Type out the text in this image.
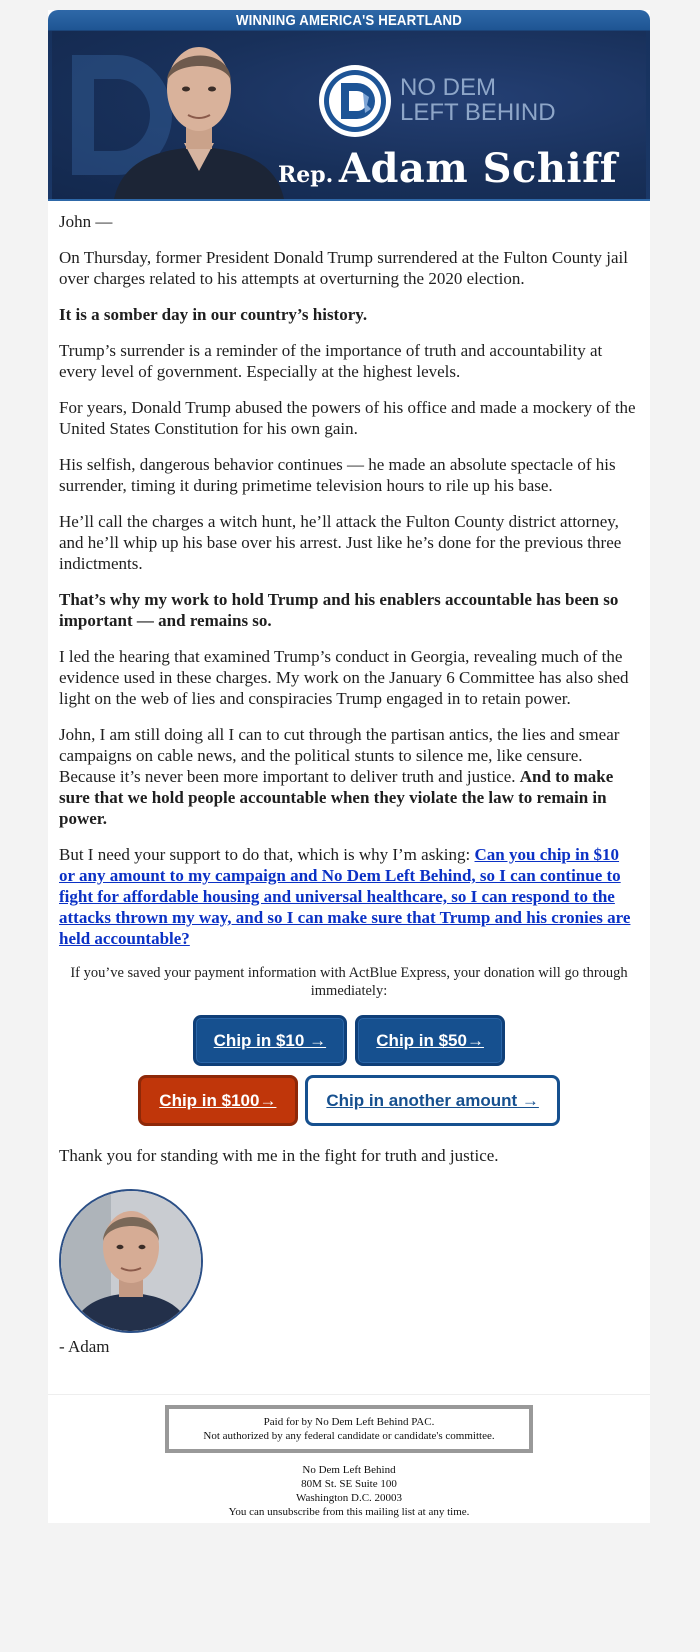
WINNING AMERICA'S HEARTLAND
NO DEM
LEFT BEHIND
Rep. Adam Schiff

John —

On Thursday, former President Donald Trump surrendered at the Fulton County jail over charges related to his attempts at overturning the 2020 election.

It is a somber day in our country’s history.

Trump’s surrender is a reminder of the importance of truth and accountability at every level of government. Especially at the highest levels.

For years, Donald Trump abused the powers of his office and made a mockery of the United States Constitution for his own gain.

His selfish, dangerous behavior continues — he made an absolute spectacle of his surrender, timing it during primetime television hours to rile up his base.

He’ll call the charges a witch hunt, he’ll attack the Fulton County district attorney, and he’ll whip up his base over his arrest. Just like he’s done for the previous three indictments.

That’s why my work to hold Trump and his enablers accountable has been so important — and remains so.

I led the hearing that examined Trump’s conduct in Georgia, revealing much of the evidence used in these charges. My work on the January 6 Committee has also shed light on the web of lies and conspiracies Trump engaged in to retain power.

John, I am still doing all I can to cut through the partisan antics, the lies and smear campaigns on cable news, and the political stunts to silence me, like censure. Because it’s never been more important to deliver truth and justice. And to make sure that we hold people accountable when they violate the law to remain in power.

But I need your support to do that, which is why I’m asking: Can you chip in $10 or any amount to my campaign and No Dem Left Behind, so I can continue to fight for affordable housing and universal healthcare, so I can respond to the attacks thrown my way, and so I can make sure that Trump and his cronies are held accountable?

If you’ve saved your payment information with ActBlue Express, your donation will go through immediately:

Chip in $10 →	Chip in $50→
Chip in $100→	Chip in another amount →

Thank you for standing with me in the fight for truth and justice.

- Adam

Paid for by No Dem Left Behind PAC.
Not authorized by any federal candidate or candidate's committee.
No Dem Left Behind
80M St. SE Suite 100
Washington D.C. 20003
You can unsubscribe from this mailing list at any time.
